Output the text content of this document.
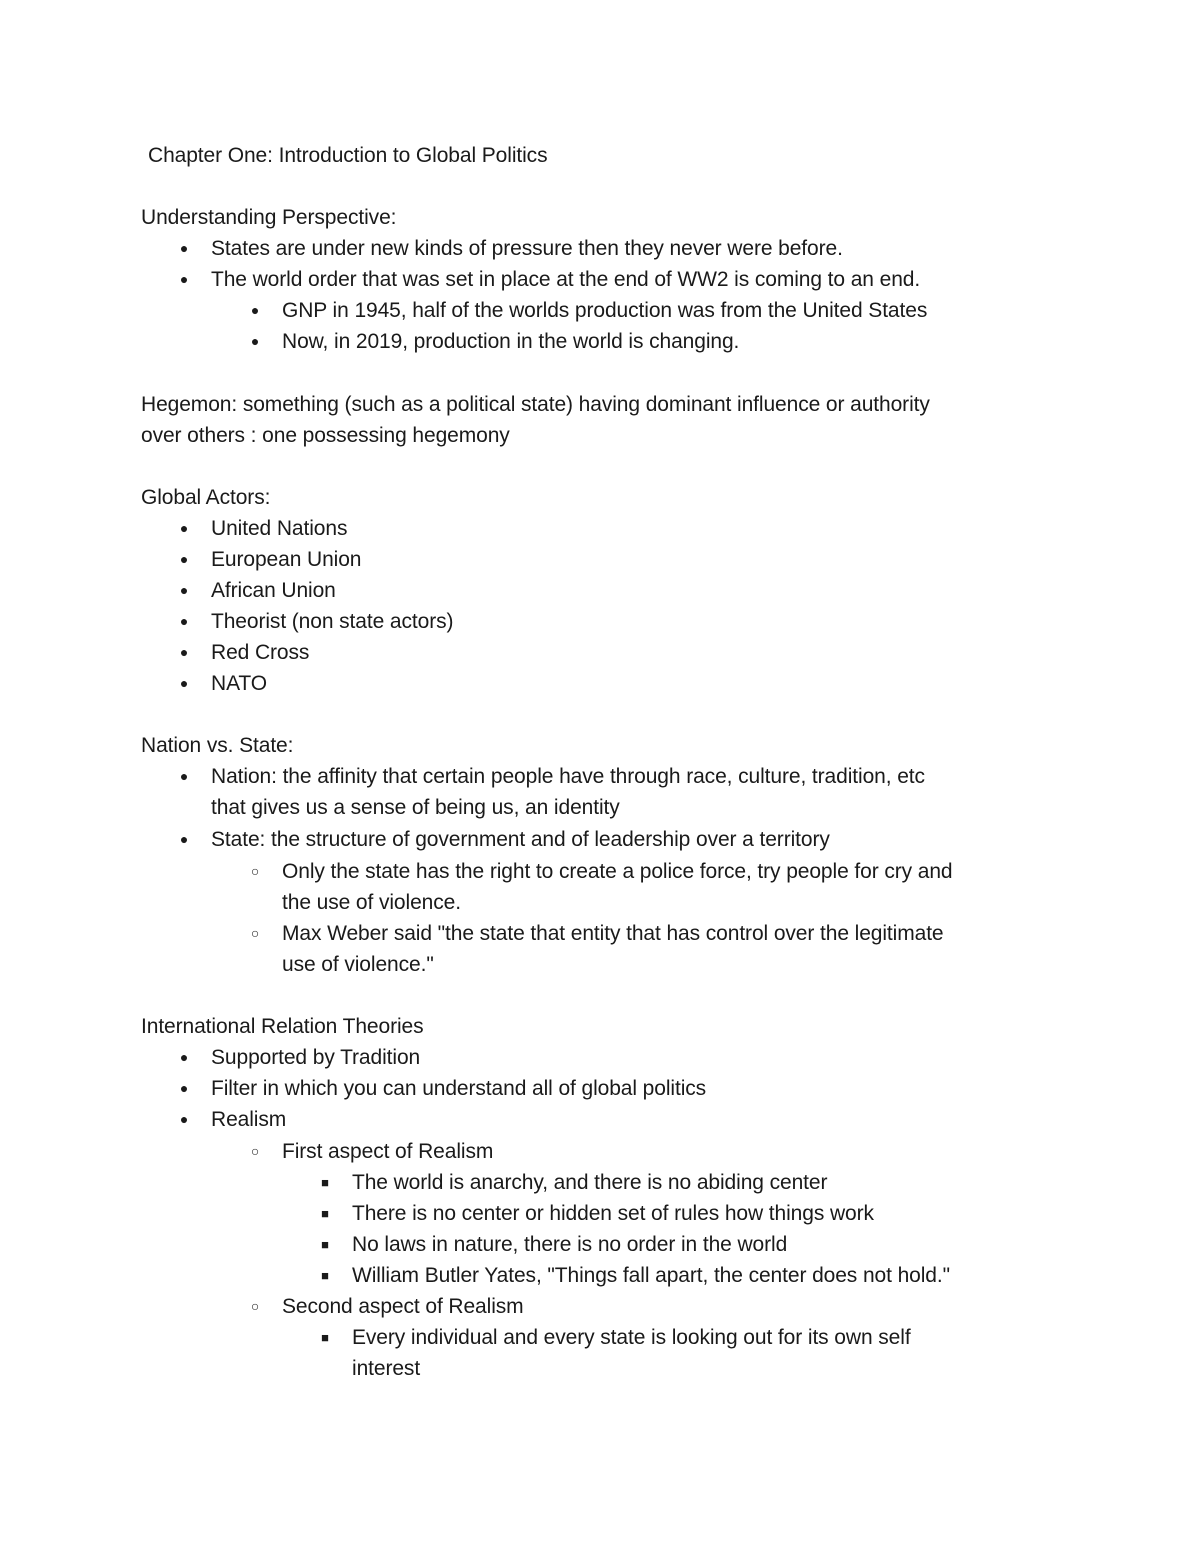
Chapter One: Introduction to Global Politics
Understanding Perspective:
● States are under new kinds of pressure then they never were before.
● The world order that was set in place at the end of WW2 is coming to an end.
● GNP in 1945, half of the worlds production was from the United States
● Now, in 2019, production in the world is changing.
Hegemon: something (such as a political state) having dominant influence or authority
over others : one possessing hegemony
Global Actors:
● United Nations
● European Union
● African Union
● Theorist (non state actors)
● Red Cross
● NATO
Nation vs. State:
● Nation: the affinity that certain people have through race, culture, tradition, etc
that gives us a sense of being us, an identity
● State: the structure of government and of leadership over a territory
○ Only the state has the right to create a police force, try people for cry and
the use of violence.
○ Max Weber said "the state that entity that has control over the legitimate
use of violence."
International Relation Theories
● Supported by Tradition
● Filter in which you can understand all of global politics
● Realism
○ First aspect of Realism
■ The world is anarchy, and there is no abiding center
■ There is no center or hidden set of rules how things work
■ No laws in nature, there is no order in the world
■ William Butler Yates, "Things fall apart, the center does not hold."
○ Second aspect of Realism
■ Every individual and every state is looking out for its own self
interest
